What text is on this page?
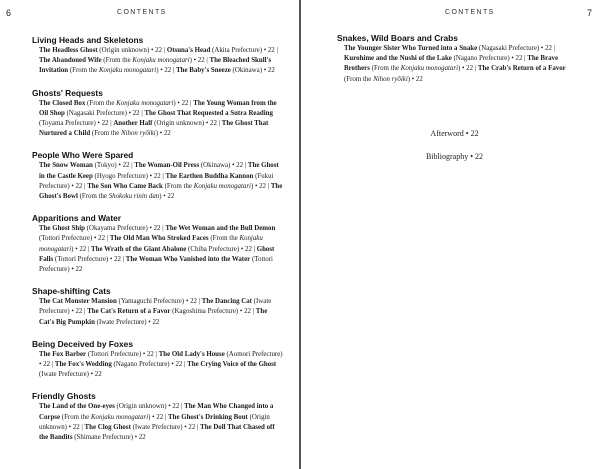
6	CONTENTS
Living Heads and Skeletons
The Headless Ghost (Origin unknown) • 22 | Otsuna's Head (Akita Prefecture) • 22 | The Abandoned Wife (From the Konjaku monogatari) • 22 | The Bleached Skull's Invitation (From the Konjaku monogatari) • 22 | The Baby's Sneeze (Okinawa) • 22
Ghosts' Requests
The Closed Box (From the Konjaku monogatari) • 22 | The Young Woman from the Oil Shop (Nagasaki Prefecture) • 22 | The Ghost That Requested a Sutra Reading (Toyama Prefecture) • 22 | Another Half (Origin unknown) • 22 | The Ghost That Nurtured a Child (From the Nihon ryōiki) • 22
People Who Were Spared
The Snow Woman (Tokyo) • 22 | The Woman-Oil Press (Okinawa) • 22 | The Ghost in the Castle Keep (Hyogo Prefecture) • 22 | The Earthen Buddha Kannon (Fukui Prefecture) • 22 | The Son Who Came Back (From the Konjaku monogatari) • 22 | The Ghost's Bowl (From the Shokoku rinin dan) • 22
Apparitions and Water
The Ghost Ship (Okayama Prefecture) • 22 | The Wet Woman and the Bull Demon (Tottori Prefecture) • 22 | The Old Man Who Stroked Faces (From the Konjaku monogatari) • 22 | The Wrath of the Giant Abalone (Chiba Prefecture) • 22 | Ghost Falls (Tottori Prefecture) • 22 | The Woman Who Vanished into the Water (Tottori Prefecture) • 22
Shape-shifting Cats
The Cat Monster Mansion (Yamaguchi Prefecture) • 22 | The Dancing Cat (Iwate Prefecture) • 22 | The Cat's Return of a Favor (Kagoshima Prefecture) • 22 | The Cat's Big Pumpkin (Iwate Prefecture) • 22
Being Deceived by Foxes
The Fox Barber (Tottori Prefecture) • 22 | The Old Lady's House (Aomori Prefecture) • 22 | The Fox's Wedding (Nagano Prefecture) • 22 | The Crying Voice of the Ghost (Iwate Prefecture) • 22
Friendly Ghosts
The Land of the One-eyes (Origin unknown) • 22 | The Man Who Changed into a Corpse (From the Konjaku monogatari) • 22 | The Ghost's Drinking Bout (Origin unknown) • 22 | The Clog Ghost (Iwate Prefecture) • 22 | The Doll That Chased off the Bandits (Shimane Prefecture) • 22
CONTENTS	7
Snakes, Wild Boars and Crabs
The Younger Sister Who Turned into a Snake (Nagasaki Prefecture) • 22 | Kurohime and the Nushi of the Lake (Nagano Prefecture) • 22 | The Brave Brothers (From the Konjaku monogatari) • 22 | The Crab's Return of a Favor (From the Nihon ryōiki) • 22
Afterword • 22
Bibliography • 22
